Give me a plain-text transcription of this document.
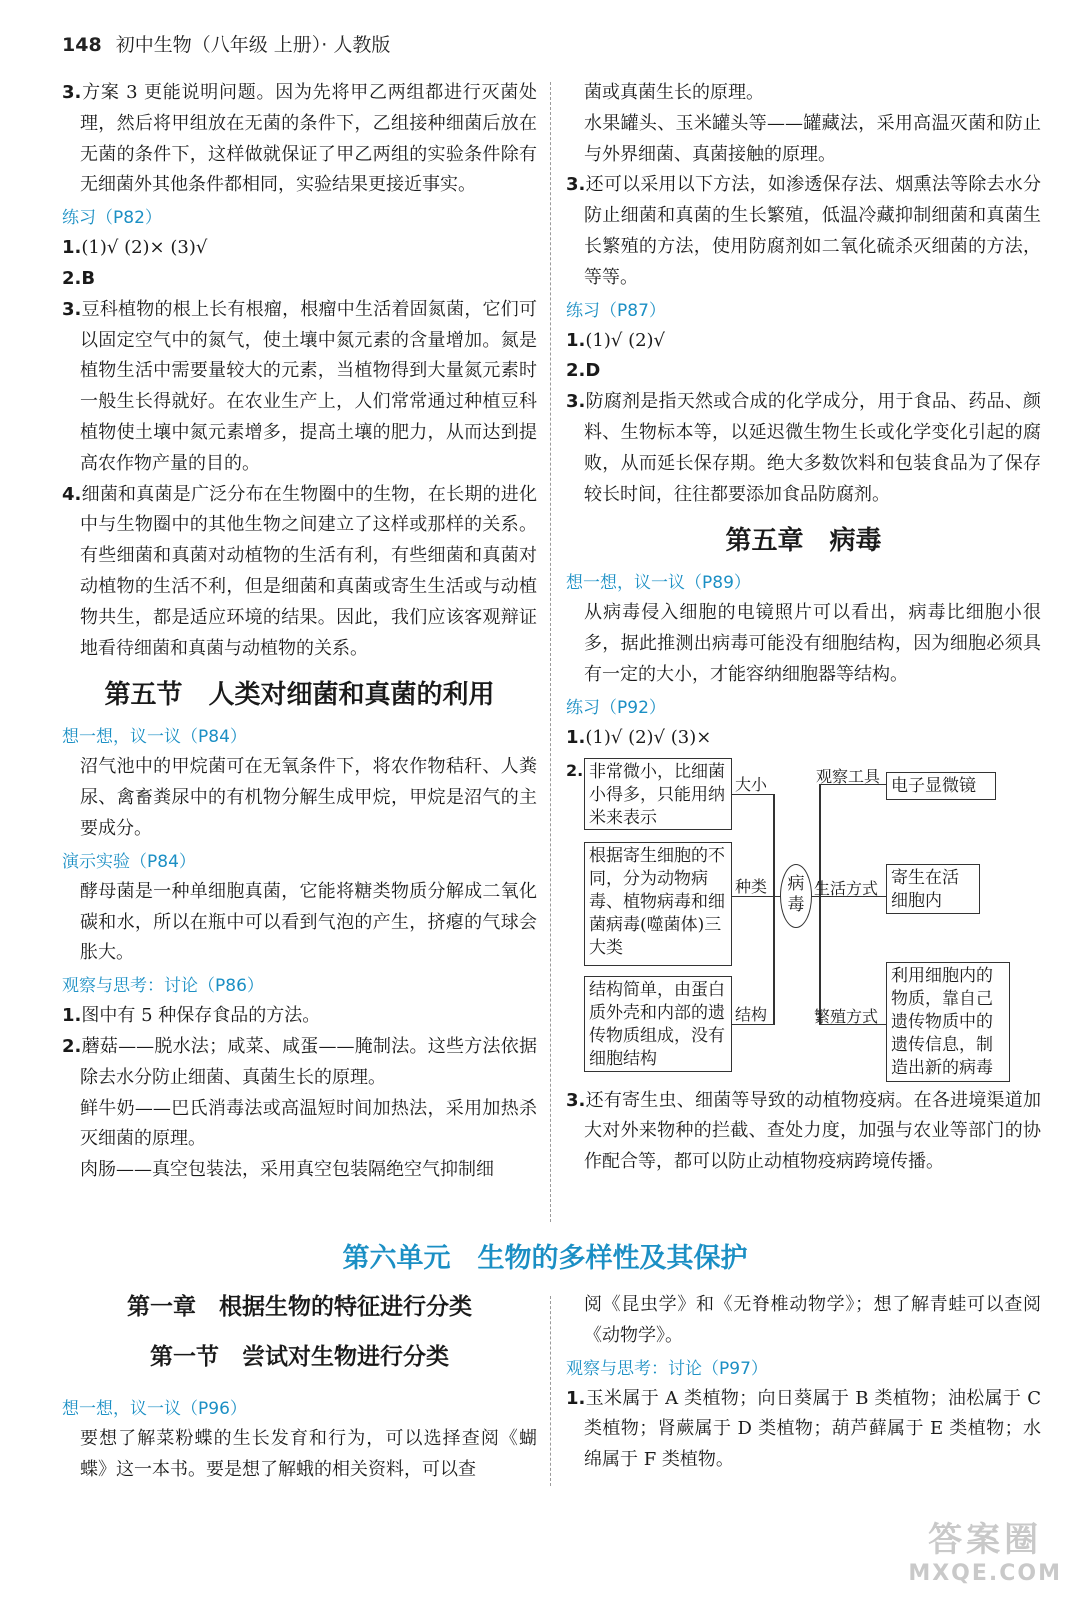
148 初中生物（八年级 上册）· 人教版

3.方案 3 更能说明问题。因为先将甲乙两组都进行灭菌处理，然后将甲组放在无菌的条件下，乙组接种细菌后放在无菌的条件下，这样做就保证了甲乙两组的实验条件除有无细菌外其他条件都相同，实验结果更接近事实。

练习（P82）

1.(1)√ (2)× (3)√

2.B

3.豆科植物的根上长有根瘤，根瘤中生活着固氮菌，它们可以固定空气中的氮气，使土壤中氮元素的含量增加。氮是植物生活中需要量较大的元素，当植物得到大量氮元素时一般生长得就好。在农业生产上，人们常常通过种植豆科植物使土壤中氮元素增多，提高土壤的肥力，从而达到提高农作物产量的目的。

4.细菌和真菌是广泛分布在生物圈中的生物，在长期的进化中与生物圈中的其他生物之间建立了这样或那样的关系。有些细菌和真菌对动植物的生活有利，有些细菌和真菌对动植物的生活不利，但是细菌和真菌或寄生生活或与动植物共生，都是适应环境的结果。因此，我们应该客观辩证地看待细菌和真菌与动植物的关系。

第五节　人类对细菌和真菌的利用
想一想，议一议（P84）

沼气池中的甲烷菌可在无氧条件下，将农作物秸秆、人粪尿、禽畜粪尿中的有机物分解生成甲烷，甲烷是沼气的主要成分。

演示实验（P84）

酵母菌是一种单细胞真菌，它能将糖类物质分解成二氧化碳和水，所以在瓶中可以看到气泡的产生，挤瘪的气球会胀大。

观察与思考：讨论（P86）

1.图中有 5 种保存食品的方法。

2.蘑菇——脱水法；咸菜、咸蛋——腌制法。这些方法依据除去水分防止细菌、真菌生长的原理。

鲜牛奶——巴氏消毒法或高温短时间加热法，采用加热杀灭细菌的原理。

肉肠——真空包装法，采用真空包装隔绝空气抑制细

菌或真菌生长的原理。

水果罐头、玉米罐头等——罐藏法，采用高温灭菌和防止与外界细菌、真菌接触的原理。

3.还可以采用以下方法，如渗透保存法、烟熏法等除去水分防止细菌和真菌的生长繁殖，低温冷藏抑制细菌和真菌生长繁殖的方法，使用防腐剂如二氧化硫杀灭细菌的方法，等等。

练习（P87）

1.(1)√ (2)√

2.D

3.防腐剂是指天然或合成的化学成分，用于食品、药品、颜料、生物标本等，以延迟微生物生长或化学变化引起的腐败，从而延长保存期。绝大多数饮料和包装食品为了保存较长时间，往往都要添加食品防腐剂。

第五章　病毒
想一想，议一议（P89）

从病毒侵入细胞的电镜照片可以看出，病毒比细胞小很多，据此推测出病毒可能没有细胞结构，因为细胞必须具有一定的大小，才能容纳细胞器等结构。

练习（P92）

1.(1)√ (2)√ (3)×

2. 非常微小，比细菌小得多，只能用纳米来表示
根据寄生细胞的不同，分为动物病毒、植物病毒和细菌病毒(噬菌体)三大类
结构简单，由蛋白质外壳和内部的遗传物质组成，没有细胞结构
大小
种类
结构
病毒
观察工具
生活方式
繁殖方式
电子显微镜
寄生在活细胞内
利用细胞内的物质，靠自己遗传物质中的遗传信息，制造出新的病毒

3.还有寄生虫、细菌等导致的动植物疫病。在各进境渠道加大对外来物种的拦截、查处力度，加强与农业等部门的协作配合等，都可以防止动植物疫病跨境传播。

第六单元　生物的多样性及其保护
第一章　根据生物的特征进行分类
第一节　尝试对生物进行分类
想一想，议一议（P96）

要想了解菜粉蝶的生长发育和行为，可以选择查阅《蝴蝶》这一本书。要是想了解蛾的相关资料，可以查

阅《昆虫学》和《无脊椎动物学》；想了解青蛙可以查阅《动物学》。

观察与思考：讨论（P97）

1.玉米属于 A 类植物；向日葵属于 B 类植物；油松属于 C 类植物；肾蕨属于 D 类植物；葫芦藓属于 E 类植物；水绵属于 F 类植物。

答案圈
MXQE.COM
